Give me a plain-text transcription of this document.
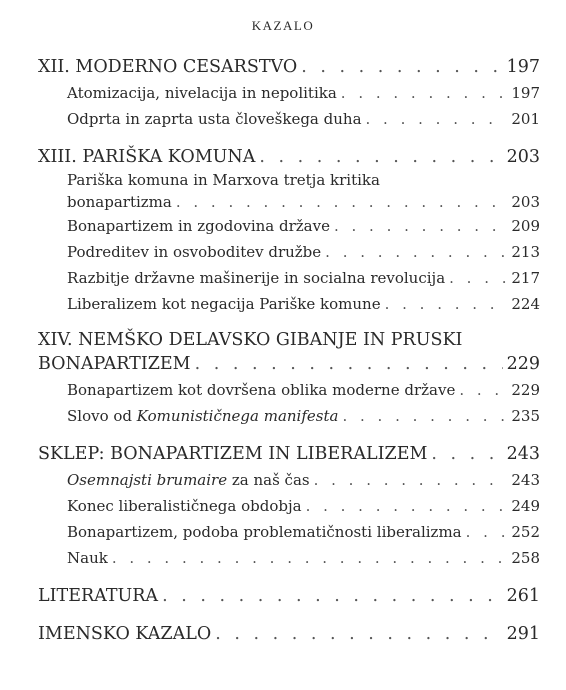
KAZALO
XII. MODERNO CESARSTVO . . .	197
Atomizacija, nivelacija in nepolitika . . .	197
Odprta in zaprta usta človeškega duha . . .	201
XIII. PARIŠKA KOMUNA . . .	203
Pariška komuna in Marxova tretja kritika
bonapartizma . . .	203
Bonapartizem in zgodovina države . . .	209
Podreditev in osvoboditev družbe . . .	213
Razbitje državne mašinerije in socialna revolucija . . .	217
Liberalizem kot negacija Pariške komune . . .	224
XIV. NEMŠKO DELAVSKO GIBANJE IN PRUSKI
BONAPARTIZEM . . .	229
Bonapartizem kot dovršena oblika moderne države . . .	229
Slovo od Komunističnega manifesta . . .	235
SKLEP: BONAPARTIZEM IN LIBERALIZEM . . .	243
Osemnajsti brumaire za naš čas . . .	243
Konec liberalističnega obdobja . . .	249
Bonapartizem, podoba problematičnosti liberalizma . . .	252
Nauk . . .	258
LITERATURA . . .	261
IMENSKO KAZALO . . .	291
